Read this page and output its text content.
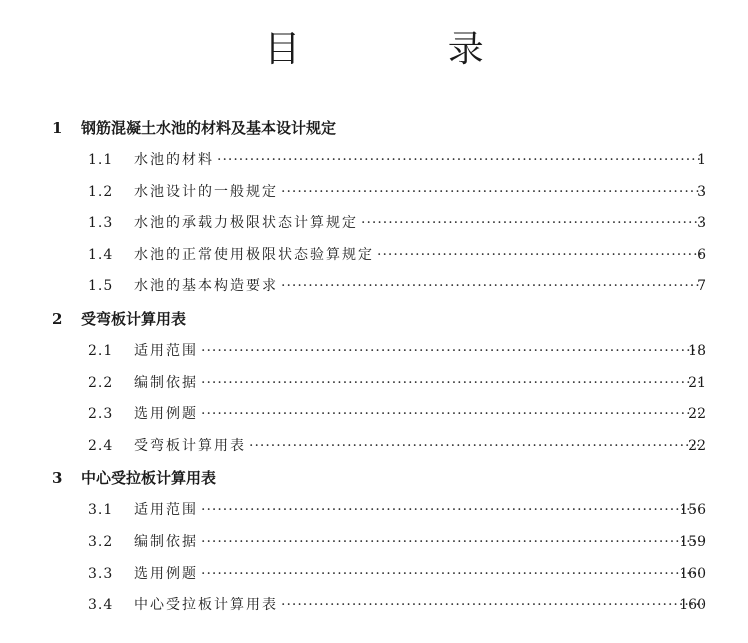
目 录
1	钢筋混凝土水池的材料及基本设计规定
1.1	水池的材料 ·····	1
1.2	水池设计的一般规定 ·····	3
1.3	水池的承载力极限状态计算规定 ·····	3
1.4	水池的正常使用极限状态验算规定 ·····	6
1.5	水池的基本构造要求 ·····	7
2	受弯板计算用表
2.1	适用范围 ·····	18
2.2	编制依据 ·····	21
2.3	选用例题 ·····	22
2.4	受弯板计算用表 ·····	22
3	中心受拉板计算用表
3.1	适用范围 ·····	156
3.2	编制依据 ·····	159
3.3	选用例题 ·····	160
3.4	中心受拉板计算用表 ·····	160
